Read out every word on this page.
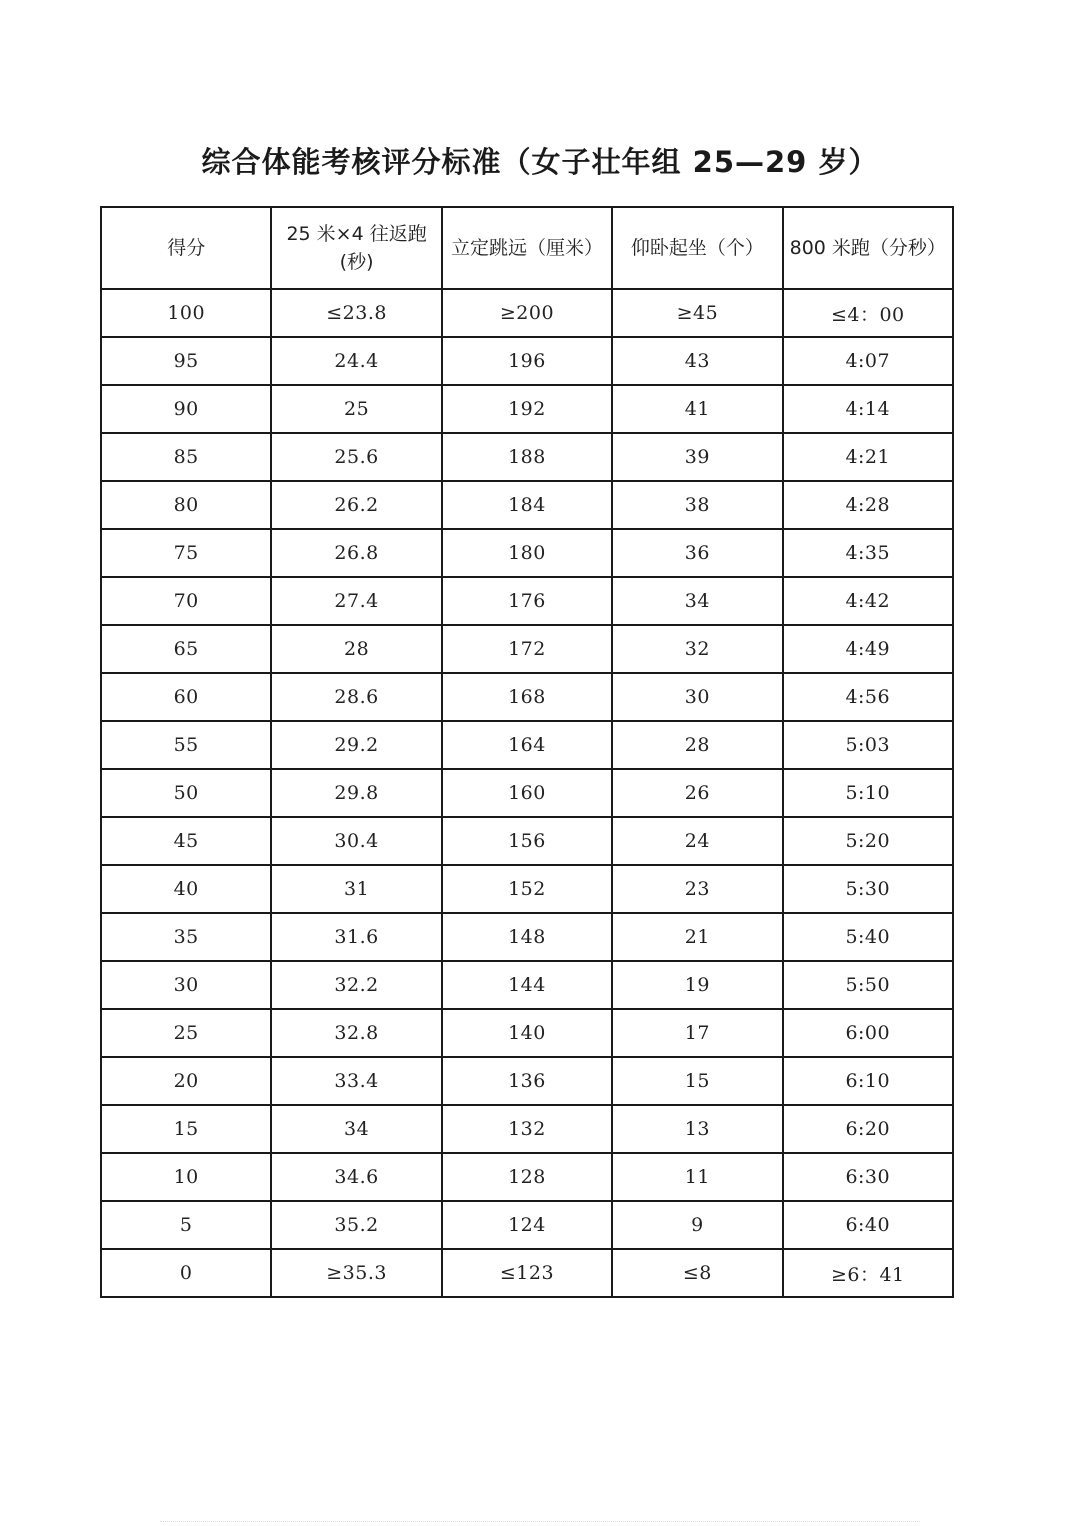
综合体能考核评分标准（女子壮年组 25—29 岁）
得分	25 米×4 往返跑(秒)	立定跳远（厘米）	仰卧起坐（个）	800 米跑（分秒）
100	≤23.8	≥200	≥45	≤4：00
95	24.4	196	43	4:07
90	25	192	41	4:14
85	25.6	188	39	4:21
80	26.2	184	38	4:28
75	26.8	180	36	4:35
70	27.4	176	34	4:42
65	28	172	32	4:49
60	28.6	168	30	4:56
55	29.2	164	28	5:03
50	29.8	160	26	5:10
45	30.4	156	24	5:20
40	31	152	23	5:30
35	31.6	148	21	5:40
30	32.2	144	19	5:50
25	32.8	140	17	6:00
20	33.4	136	15	6:10
15	34	132	13	6:20
10	34.6	128	11	6:30
5	35.2	124	9	6:40
0	≥35.3	≤123	≤8	≥6：41
